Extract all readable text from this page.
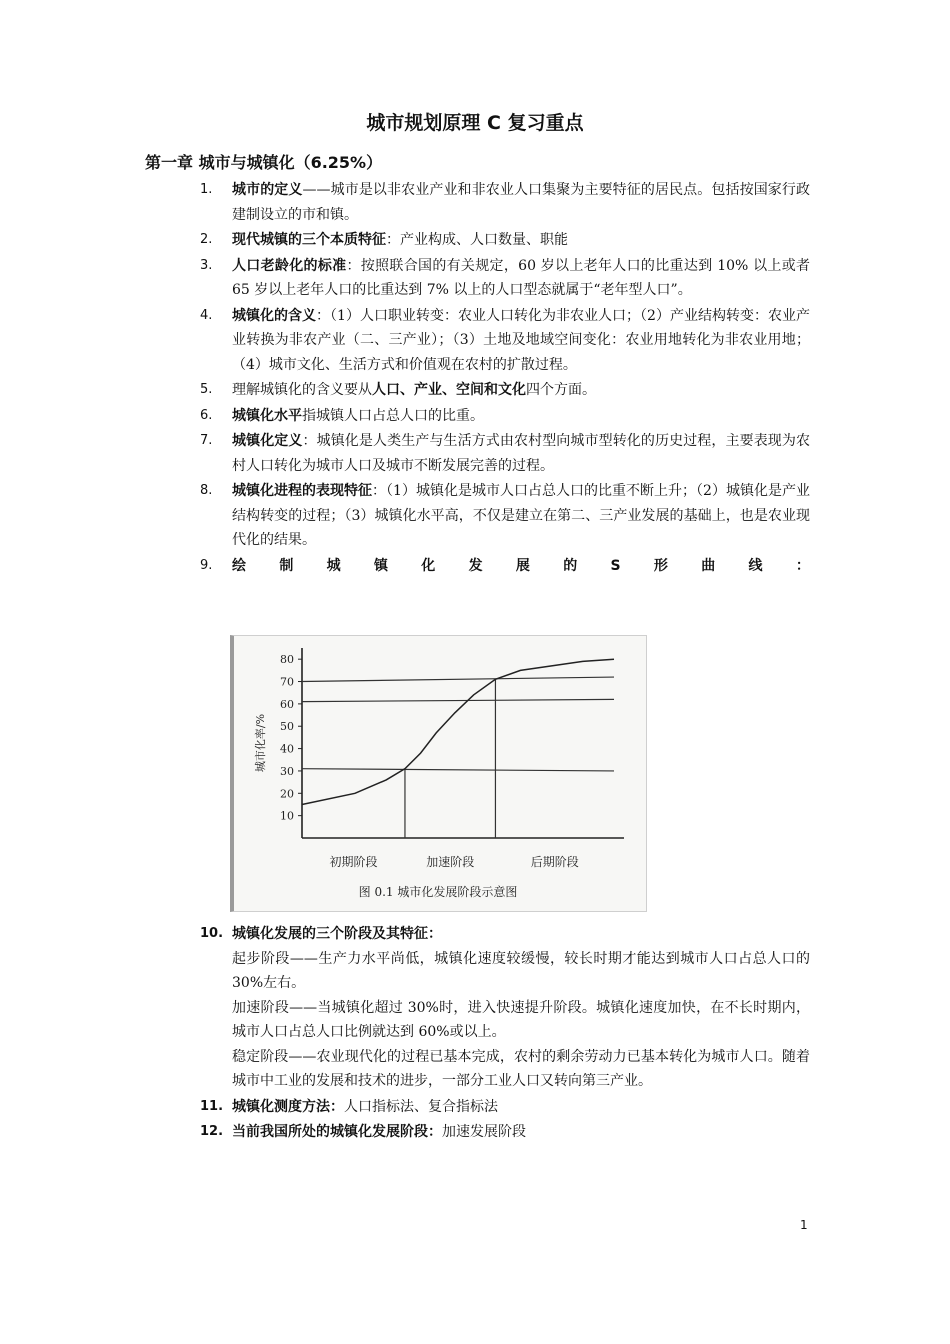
城市规划原理 C 复习重点
第一章 城市与城镇化（6.25%）
1.	城市的定义——城市是以非农业产业和非农业人口集聚为主要特征的居民点。包括按国家行政建制设立的市和镇。
2.	现代城镇的三个本质特征：产业构成、人口数量、职能
3.	人口老龄化的标准：按照联合国的有关规定，60 岁以上老年人口的比重达到 10% 以上或者 65 岁以上老年人口的比重达到 7% 以上的人口型态就属于“老年型人口”。
4.	城镇化的含义：（1）人口职业转变：农业人口转化为非农业人口；（2）产业结构转变：农业产业转换为非农产业（二、三产业）；（3）土地及地域空间变化：农业用地转化为非农业用地；（4）城市文化、生活方式和价值观在农村的扩散过程。
5.	理解城镇化的含义要从人口、产业、空间和文化四个方面。
6.	城镇化水平指城镇人口占总人口的比重。
7.	城镇化定义：城镇化是人类生产与生活方式由农村型向城市型转化的历史过程，主要表现为农村人口转化为城市人口及城市不断发展完善的过程。
8.	城镇化进程的表现特征：（1）城镇化是城市人口占总人口的比重不断上升；（2）城镇化是产业结构转变的过程；（3）城镇化水平高，不仅是建立在第二、三产业发展的基础上，也是农业现代化的结果。
9.	绘 制 城 镇 化 发 展 的 S 形 曲 线 ：
10
20
30
40
50
60
70
80
城市化率/%
初期阶段	加速阶段	后期阶段
图 0.1 城市化发展阶段示意图
10. 城镇化发展的三个阶段及其特征：

起步阶段——生产力水平尚低，城镇化速度较缓慢，较长时期才能达到城市人口占总人口的 30%左右。

加速阶段——当城镇化超过 30%时，进入快速提升阶段。城镇化速度加快，在不长时期内，城市人口占总人口比例就达到 60%或以上。

稳定阶段——农业现代化的过程已基本完成，农村的剩余劳动力已基本转化为城市人口。随着城市中工业的发展和技术的进步，一部分工业人口又转向第三产业。

11. 城镇化测度方法：人口指标法、复合指标法
12. 当前我国所处的城镇化发展阶段：加速发展阶段
1
